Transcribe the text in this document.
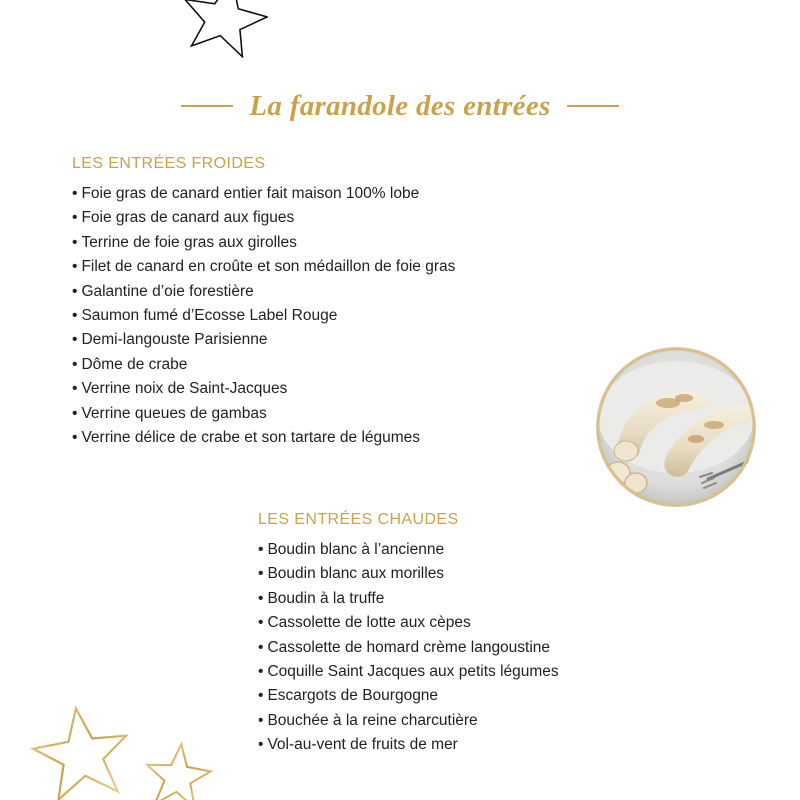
La farandole des entrées
LES ENTRÉES FROIDES
• Foie gras de canard entier fait maison 100% lobe
• Foie gras de canard aux figues
• Terrine de foie gras aux girolles
• Filet de canard en croûte et son médaillon de foie gras
• Galantine d’oie forestière
• Saumon fumé d’Ecosse Label Rouge
• Demi-langouste Parisienne
• Dôme de crabe
• Verrine noix de Saint-Jacques
• Verrine queues de gambas
• Verrine délice de crabe et son tartare de légumes
LES ENTRÉES CHAUDES
• Boudin blanc à l’ancienne
• Boudin blanc aux morilles
• Boudin à la truffe
• Cassolette de lotte aux cèpes
• Cassolette de homard crème langoustine
• Coquille Saint Jacques aux petits légumes
• Escargots de Bourgogne
• Bouchée à la reine charcutière
• Vol-au-vent de fruits de mer
